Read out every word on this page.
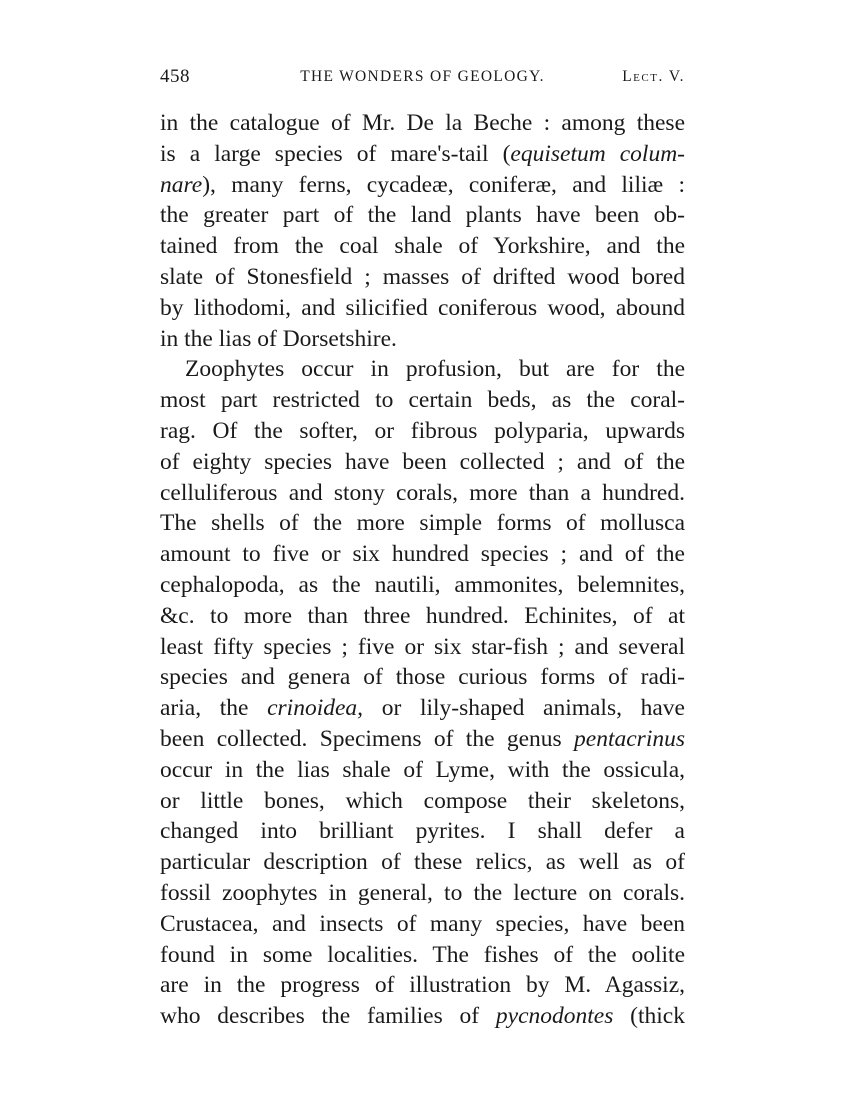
458	THE WONDERS OF GEOLOGY.	Lect. V.
in the catalogue of Mr. De la Beche : among these
is a large species of mare's-tail (equisetum colum-
nare), many ferns, cycadeæ, coniferæ, and liliæ :
the greater part of the land plants have been ob-
tained from the coal shale of Yorkshire, and the
slate of Stonesfield ; masses of drifted wood bored
by lithodomi, and silicified coniferous wood, abound
in the lias of Dorsetshire.
Zoophytes occur in profusion, but are for the
most part restricted to certain beds, as the coral-
rag. Of the softer, or fibrous polyparia, upwards
of eighty species have been collected ; and of the
celluliferous and stony corals, more than a hundred.
The shells of the more simple forms of mollusca
amount to five or six hundred species ; and of the
cephalopoda, as the nautili, ammonites, belemnites,
&c. to more than three hundred. Echinites, of at
least fifty species ; five or six star-fish ; and several
species and genera of those curious forms of radi-
aria, the crinoidea, or lily-shaped animals, have
been collected. Specimens of the genus pentacrinus
occur in the lias shale of Lyme, with the ossicula,
or little bones, which compose their skeletons,
changed into brilliant pyrites. I shall defer a
particular description of these relics, as well as of
fossil zoophytes in general, to the lecture on corals.
Crustacea, and insects of many species, have been
found in some localities. The fishes of the oolite
are in the progress of illustration by M. Agassiz,
who describes the families of pycnodontes (thick
